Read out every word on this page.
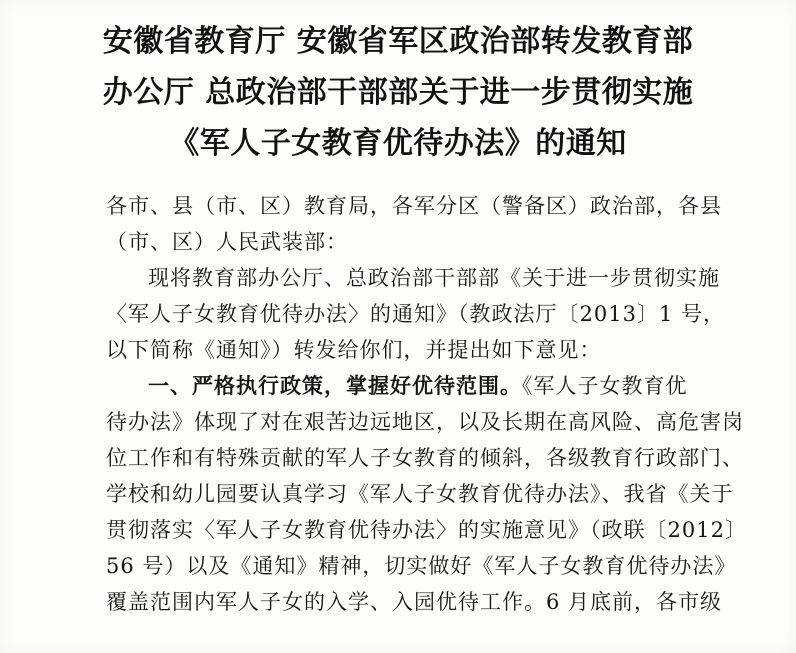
安徽省教育厅 安徽省军区政治部转发教育部
办公厅 总政治部干部部关于进一步贯彻实施
《军人子女教育优待办法》的通知
各市、县（市、区）教育局，各军分区（警备区）政治部，各县
（市、区）人民武装部：
现将教育部办公厅、总政治部干部部《关于进一步贯彻实施
〈军人子女教育优待办法〉的通知》（教政法厅〔2013〕1 号，
以下简称《通知》）转发给你们，并提出如下意见：
一、严格执行政策，掌握好优待范围。《军人子女教育优
待办法》体现了对在艰苦边远地区，以及长期在高风险、高危害岗
位工作和有特殊贡献的军人子女教育的倾斜，各级教育行政部门、
学校和幼儿园要认真学习《军人子女教育优待办法》、我省《关于
贯彻落实〈军人子女教育优待办法〉的实施意见》（政联〔2012〕
56 号）以及《通知》精神，切实做好《军人子女教育优待办法》
覆盖范围内军人子女的入学、入园优待工作。6 月底前，各市级
